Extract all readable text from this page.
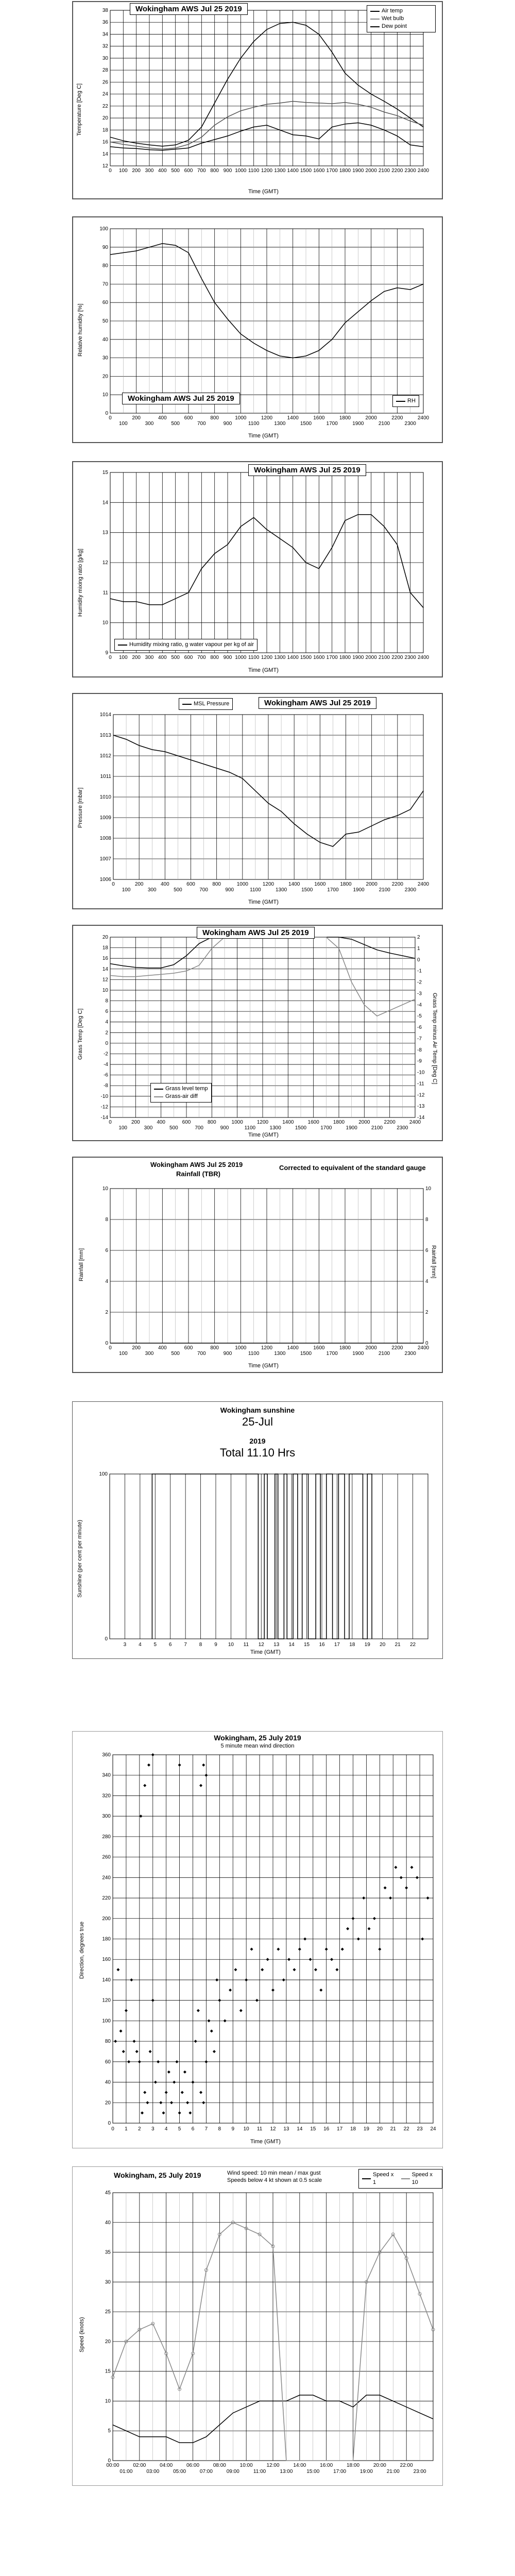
12
14
16
18
20
22
24
26
28
30
32
34
36
38
0 100 200 300 400 500 600 700 800 900 1000 1100 1200 1300 1400 1500 1600 1700 1800 1900 2000 2100 2200 2300 2400
Wokingham AWS Jul 25 2019	Air temp
Wet bulb
Dew point
Temperature [Deg C]
Time (GMT)
0
10
20
30
40
50
60
70
80
90
100
0	200	400	600	800	1000	1200	1400	1600	1800	2000	2200	2400
100	300	500	700	900	1100	1300	1500	1700	1900	2100	2300
Wokingham AWS Jul 25 2019	RH
Relative humidity [%]
Time (GMT)
9
10
11
12
13
14
15
0 100 200 300 400 500 600 700 800 900 1000 1100 1200 1300 1400 1500 1600 1700 1800 1900 2000 2100 2200 2300 2400
Wokingham AWS Jul 25 2019
Humidity mixing ratio, g water vapour per kg of air
Humidity mixing ratio [g/kg]
Time (GMT)
1006
1007
1008
1009
1010
1011
1012
1013
1014
0	200	400	600	800	1000	1200	1400	1600	1800	2000	2200	2400
100	300	500	700	900	1100	1300	1500	1700	1900	2100	2300
MSL Pressure	Wokingham AWS Jul 25 2019
Pressure [mbar]
Time (GMT)
-14
-12
-10
-8
-6
-4
-2
0
2
4
6
8
10
12
14
16
18
20
-14
-13
-12
-11
-10
-9
-8
-7
-6
-5
-4
-3
-2
-1
0
1
2
0	200	400	600	800	1000	1200	1400	1600	1800	2000	2200	2400
100	300	500	700	900	1100	1300	1500	1700	1900	2100	2300
Wokingham AWS Jul 25 2019
Grass level temp
Grass-air diff
Grass Temp [Deg C]	Grass Temp minus Air Temp [Deg C]
Time (GMT)
0
2
4
6
8
10
0
2
4
6
8
10
0	200	400	600	800	1000	1200	1400	1600	1800	2000	2200	2400
100	300	500	700	900	1100	1300	1500	1700	1900	2100	2300
Wokingham AWS Jul 25 2019
Rainfall (TBR)
Corrected to equivalent of the standard gauge
Rainfall [mm]	Rainfall [mm]
Time (GMT)
0
100
3 4 5 6 7 8 9 10 11 12 13 14 15 16 17 18 19 20 21 22
Wokingham sunshine
25-Jul
2019
Total 11.10 Hrs
Sunshine (per cent per minute)
Time (GMT)
0
20
40
60
80
100
120
140
160
180
200
220
240
260
280
300
320
340
360
0 1 2 3 4 5 6 7 8 9 10 11 12 13 14 15 16 17 18 19 20 21 22 23 24
Wokingham, 25 July 2019
5 minute mean wind direction
Direction, degrees true
Time (GMT)
0
5
10
15
20
25
30
35
40
45
00:00	02:00	04:00	06:00	08:00	10:00	12:00	14:00	16:00	18:00	20:00	22:00
01:00	03:00	05:00	07:00	09:00	11:00	13:00	15:00	17:00	19:00	21:00	23:00
Wokingham, 25 July 2019	Wind speed: 10 min mean / max gust
Speeds below 4 kt shown at 0.5 scale
Speed x 1
Speed x 10
Speed (knots)
